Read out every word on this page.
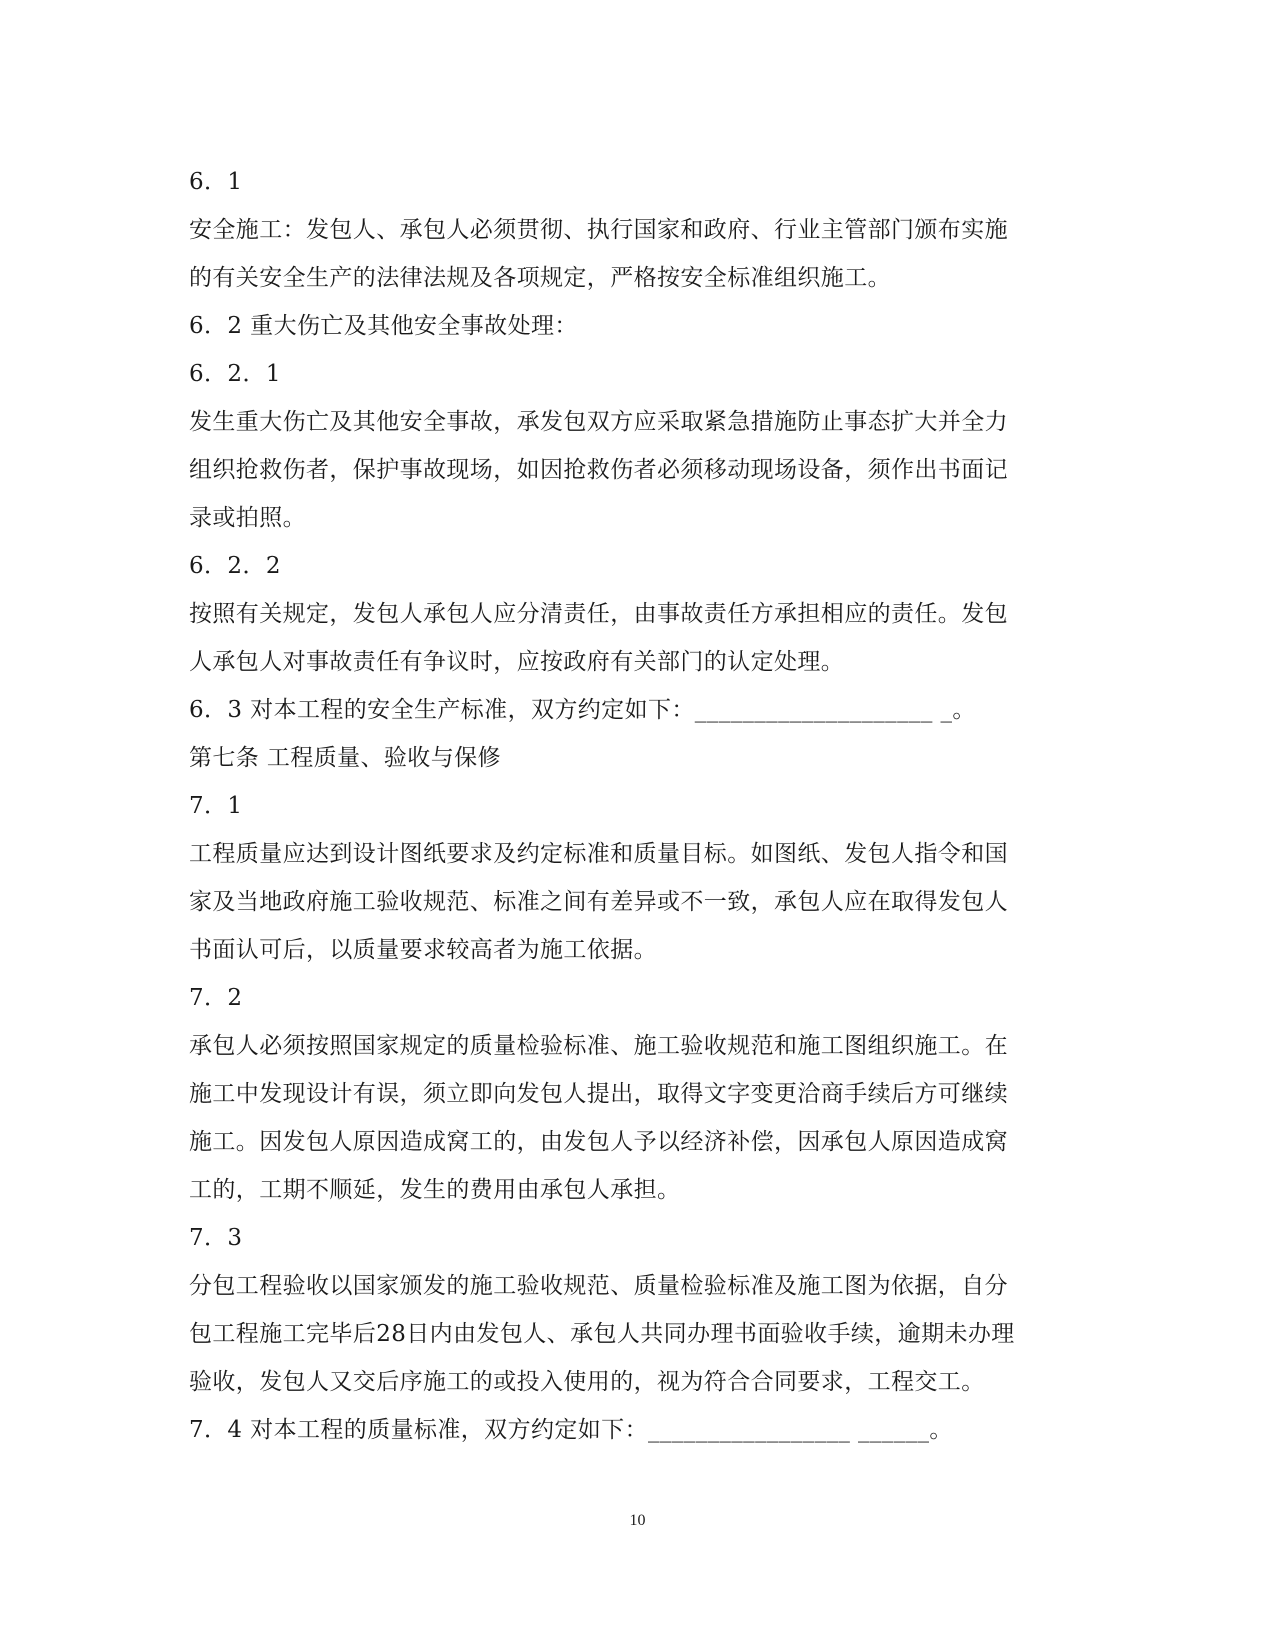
6．1
安全施工：发包人、承包人必须贯彻、执行国家和政府、行业主管部门颁布实施
的有关安全生产的法律法规及各项规定，严格按安全标准组织施工。
6．2 重大伤亡及其他安全事故处理：
6．2．1
发生重大伤亡及其他安全事故，承发包双方应采取紧急措施防止事态扩大并全力
组织抢救伤者，保护事故现场，如因抢救伤者必须移动现场设备，须作出书面记
录或拍照。
6．2．2
按照有关规定，发包人承包人应分清责任，由事故责任方承担相应的责任。发包
人承包人对事故责任有争议时，应按政府有关部门的认定处理。
6．3 对本工程的安全生产标准，双方约定如下：____________________ _。
第七条 工程质量、验收与保修
7．1
工程质量应达到设计图纸要求及约定标准和质量目标。如图纸、发包人指令和国
家及当地政府施工验收规范、标准之间有差异或不一致，承包人应在取得发包人
书面认可后，以质量要求较高者为施工依据。
7．2
承包人必须按照国家规定的质量检验标准、施工验收规范和施工图组织施工。在
施工中发现设计有误，须立即向发包人提出，取得文字变更洽商手续后方可继续
施工。因发包人原因造成窝工的，由发包人予以经济补偿，因承包人原因造成窝
工的，工期不顺延，发生的费用由承包人承担。
7．3
分包工程验收以国家颁发的施工验收规范、质量检验标准及施工图为依据，自分
包工程施工完毕后28日内由发包人、承包人共同办理书面验收手续，逾期未办理
验收，发包人又交后序施工的或投入使用的，视为符合合同要求，工程交工。
7．4 对本工程的质量标准，双方约定如下：_________________ ______。
10
